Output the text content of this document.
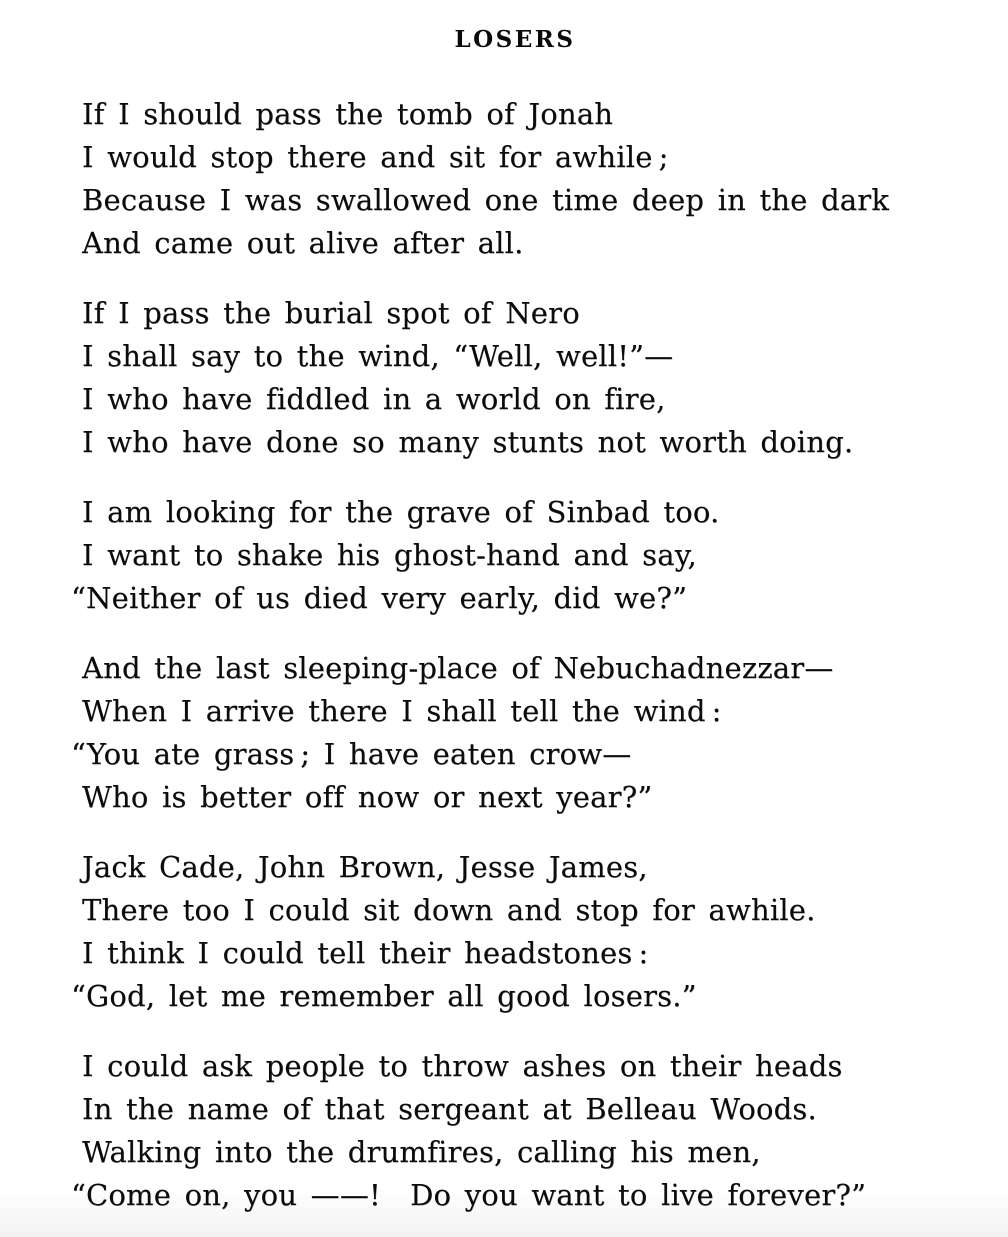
LOSERS

If I should pass the tomb of Jonah

I would stop there and sit for awhile ;

Because I was swallowed one time deep in the dark

And came out alive after all.

If I pass the burial spot of Nero

I shall say to the wind, “Well, well!”—

I who have fiddled in a world on fire,

I who have done so many stunts not worth doing.

I am looking for the grave of Sinbad too.

I want to shake his ghost-hand and say,

“Neither of us died very early, did we?”

And the last sleeping-place of Nebuchadnezzar—

When I arrive there I shall tell the wind :

“You ate grass ; I have eaten crow—

Who is better off now or next year?”

Jack Cade, John Brown, Jesse James,

There too I could sit down and stop for awhile.

I think I could tell their headstones :

“God, let me remember all good losers.”

I could ask people to throw ashes on their heads

In the name of that sergeant at Belleau Woods.

Walking into the drumfires, calling his men,

“Come on, you ——! Do you want to live forever?”
